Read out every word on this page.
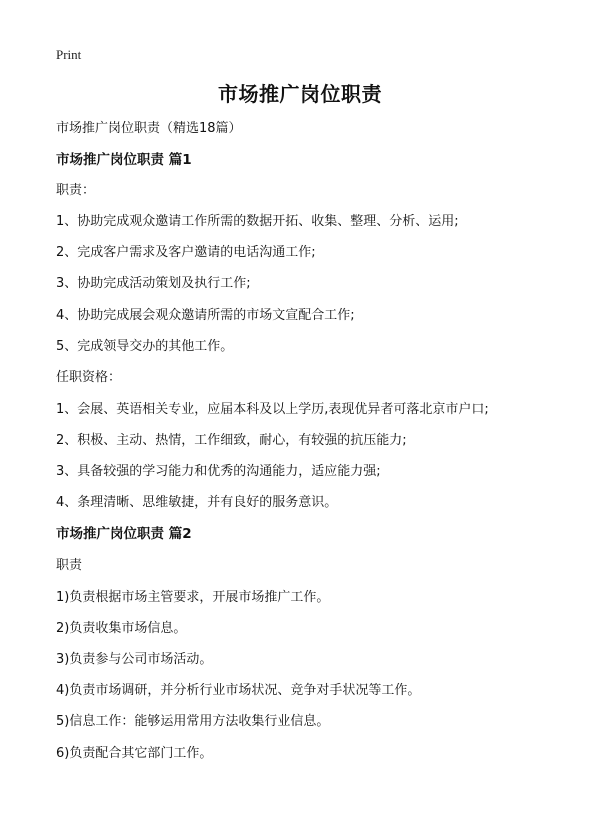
Print
市场推广岗位职责
市场推广岗位职责（精选18篇）
市场推广岗位职责 篇1
职责：
1、协助完成观众邀请工作所需的数据开拓、收集、整理、分析、运用;
2、完成客户需求及客户邀请的电话沟通工作;
3、协助完成活动策划及执行工作;
4、协助完成展会观众邀请所需的市场文宣配合工作;
5、完成领导交办的其他工作。
任职资格：
1、会展、英语相关专业，应届本科及以上学历,表现优异者可落北京市户口;
2、积极、主动、热情，工作细致，耐心，有较强的抗压能力;
3、具备较强的学习能力和优秀的沟通能力，适应能力强;
4、条理清晰、思维敏捷，并有良好的服务意识。
市场推广岗位职责 篇2
职责
1)负责根据市场主管要求，开展市场推广工作。
2)负责收集市场信息。
3)负责参与公司市场活动。
4)负责市场调研，并分析行业市场状况、竞争对手状况等工作。
5)信息工作：能够运用常用方法收集行业信息。
6)负责配合其它部门工作。
